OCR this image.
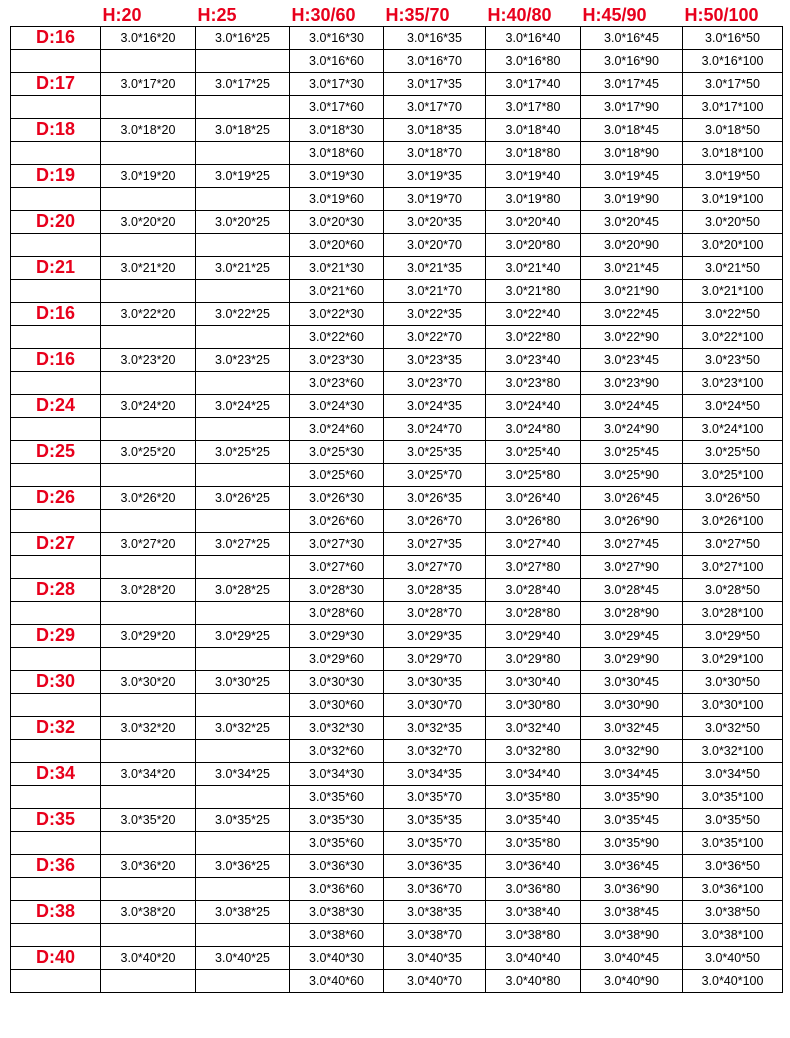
	H:20	H:25	H:30/60	H:35/70	H:40/80	H:45/90	H:50/100
D:16	3.0*16*20	3.0*16*25	3.0*16*30	3.0*16*35	3.0*16*40	3.0*16*45	3.0*16*50
			3.0*16*60	3.0*16*70	3.0*16*80	3.0*16*90	3.0*16*100
D:17	3.0*17*20	3.0*17*25	3.0*17*30	3.0*17*35	3.0*17*40	3.0*17*45	3.0*17*50
			3.0*17*60	3.0*17*70	3.0*17*80	3.0*17*90	3.0*17*100
D:18	3.0*18*20	3.0*18*25	3.0*18*30	3.0*18*35	3.0*18*40	3.0*18*45	3.0*18*50
			3.0*18*60	3.0*18*70	3.0*18*80	3.0*18*90	3.0*18*100
D:19	3.0*19*20	3.0*19*25	3.0*19*30	3.0*19*35	3.0*19*40	3.0*19*45	3.0*19*50
			3.0*19*60	3.0*19*70	3.0*19*80	3.0*19*90	3.0*19*100
D:20	3.0*20*20	3.0*20*25	3.0*20*30	3.0*20*35	3.0*20*40	3.0*20*45	3.0*20*50
			3.0*20*60	3.0*20*70	3.0*20*80	3.0*20*90	3.0*20*100
D:21	3.0*21*20	3.0*21*25	3.0*21*30	3.0*21*35	3.0*21*40	3.0*21*45	3.0*21*50
			3.0*21*60	3.0*21*70	3.0*21*80	3.0*21*90	3.0*21*100
D:16	3.0*22*20	3.0*22*25	3.0*22*30	3.0*22*35	3.0*22*40	3.0*22*45	3.0*22*50
			3.0*22*60	3.0*22*70	3.0*22*80	3.0*22*90	3.0*22*100
D:16	3.0*23*20	3.0*23*25	3.0*23*30	3.0*23*35	3.0*23*40	3.0*23*45	3.0*23*50
			3.0*23*60	3.0*23*70	3.0*23*80	3.0*23*90	3.0*23*100
D:24	3.0*24*20	3.0*24*25	3.0*24*30	3.0*24*35	3.0*24*40	3.0*24*45	3.0*24*50
			3.0*24*60	3.0*24*70	3.0*24*80	3.0*24*90	3.0*24*100
D:25	3.0*25*20	3.0*25*25	3.0*25*30	3.0*25*35	3.0*25*40	3.0*25*45	3.0*25*50
			3.0*25*60	3.0*25*70	3.0*25*80	3.0*25*90	3.0*25*100
D:26	3.0*26*20	3.0*26*25	3.0*26*30	3.0*26*35	3.0*26*40	3.0*26*45	3.0*26*50
			3.0*26*60	3.0*26*70	3.0*26*80	3.0*26*90	3.0*26*100
D:27	3.0*27*20	3.0*27*25	3.0*27*30	3.0*27*35	3.0*27*40	3.0*27*45	3.0*27*50
			3.0*27*60	3.0*27*70	3.0*27*80	3.0*27*90	3.0*27*100
D:28	3.0*28*20	3.0*28*25	3.0*28*30	3.0*28*35	3.0*28*40	3.0*28*45	3.0*28*50
			3.0*28*60	3.0*28*70	3.0*28*80	3.0*28*90	3.0*28*100
D:29	3.0*29*20	3.0*29*25	3.0*29*30	3.0*29*35	3.0*29*40	3.0*29*45	3.0*29*50
			3.0*29*60	3.0*29*70	3.0*29*80	3.0*29*90	3.0*29*100
D:30	3.0*30*20	3.0*30*25	3.0*30*30	3.0*30*35	3.0*30*40	3.0*30*45	3.0*30*50
			3.0*30*60	3.0*30*70	3.0*30*80	3.0*30*90	3.0*30*100
D:32	3.0*32*20	3.0*32*25	3.0*32*30	3.0*32*35	3.0*32*40	3.0*32*45	3.0*32*50
			3.0*32*60	3.0*32*70	3.0*32*80	3.0*32*90	3.0*32*100
D:34	3.0*34*20	3.0*34*25	3.0*34*30	3.0*34*35	3.0*34*40	3.0*34*45	3.0*34*50
			3.0*35*60	3.0*35*70	3.0*35*80	3.0*35*90	3.0*35*100
D:35	3.0*35*20	3.0*35*25	3.0*35*30	3.0*35*35	3.0*35*40	3.0*35*45	3.0*35*50
			3.0*35*60	3.0*35*70	3.0*35*80	3.0*35*90	3.0*35*100
D:36	3.0*36*20	3.0*36*25	3.0*36*30	3.0*36*35	3.0*36*40	3.0*36*45	3.0*36*50
			3.0*36*60	3.0*36*70	3.0*36*80	3.0*36*90	3.0*36*100
D:38	3.0*38*20	3.0*38*25	3.0*38*30	3.0*38*35	3.0*38*40	3.0*38*45	3.0*38*50
			3.0*38*60	3.0*38*70	3.0*38*80	3.0*38*90	3.0*38*100
D:40	3.0*40*20	3.0*40*25	3.0*40*30	3.0*40*35	3.0*40*40	3.0*40*45	3.0*40*50
			3.0*40*60	3.0*40*70	3.0*40*80	3.0*40*90	3.0*40*100
